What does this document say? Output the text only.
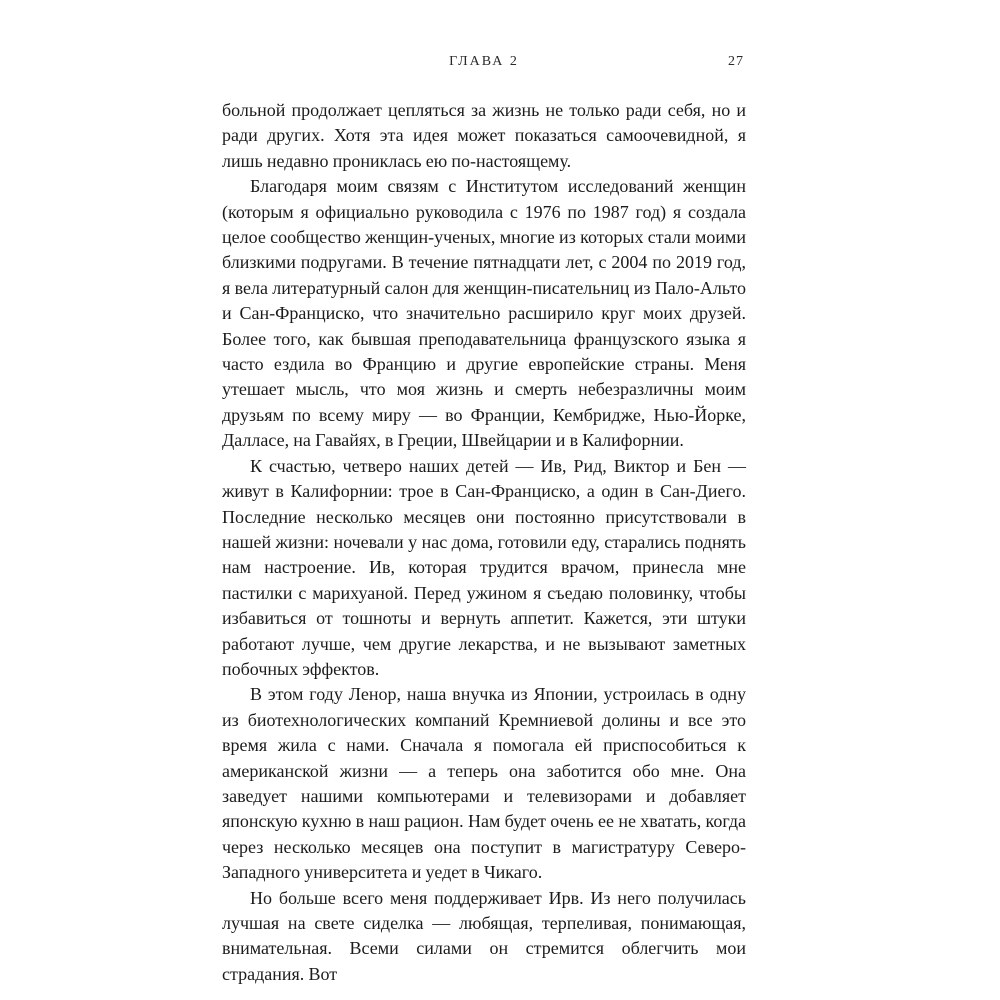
ГЛАВА 2	27

больной продолжает цепляться за жизнь не только ради себя, но и ради других. Хотя эта идея может показаться самоочевидной, я лишь недавно прониклась ею по-настоящему.

Благодаря моим связям с Институтом исследований женщин (которым я официально руководила с 1976 по 1987 год) я создала целое сообщество женщин-ученых, многие из которых стали моими близкими подругами. В течение пятнадцати лет, с 2004 по 2019 год, я вела литературный салон для женщин-писательниц из Пало-Альто и Сан-Франциско, что значительно расширило круг моих друзей. Более того, как бывшая преподавательница французского языка я часто ездила во Францию и другие европейские страны. Меня утешает мысль, что моя жизнь и смерть небезразличны моим друзьям по всему миру — во Франции, Кембридже, Нью-Йорке, Далласе, на Гавайях, в Греции, Швейцарии и в Калифорнии.

К счастью, четверо наших детей — Ив, Рид, Виктор и Бен — живут в Калифорнии: трое в Сан-Франциско, а один в Сан-Диего. Последние несколько месяцев они постоянно присутствовали в нашей жизни: ночевали у нас дома, готовили еду, старались поднять нам настроение. Ив, которая трудится врачом, принесла мне пастилки с марихуаной. Перед ужином я съедаю половинку, чтобы избавиться от тошноты и вернуть аппетит. Кажется, эти штуки работают лучше, чем другие лекарства, и не вызывают заметных побочных эффектов.

В этом году Ленор, наша внучка из Японии, устроилась в одну из биотехнологических компаний Кремниевой долины и все это время жила с нами. Сначала я помогала ей приспособиться к американской жизни — а теперь она заботится обо мне. Она заведует нашими компьютерами и телевизорами и добавляет японскую кухню в наш рацион. Нам будет очень ее не хватать, когда через несколько месяцев она поступит в магистратуру Северо-Западного университета и уедет в Чикаго.

Но больше всего меня поддерживает Ирв. Из него получилась лучшая на свете сиделка — любящая, терпеливая, понимающая, внимательная. Всеми силами он стремится облегчить мои страдания. Вот
